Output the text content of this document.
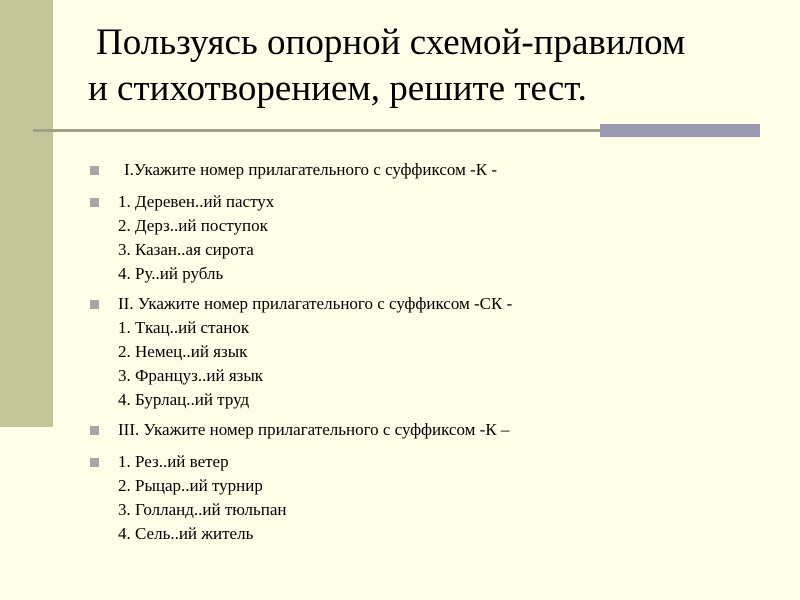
Пользуясь опорной схемой-правилом
и стихотворением, решите тест.
I.Укажите номер прилагательного с суффиксом -К -
1. Деревен..ий пастух
2. Дерз..ий поступок
3. Казан..ая сирота
4. Ру..ий рубль
II. Укажите номер прилагательного с суффиксом -СК -
1. Ткац..ий станок
2. Немец..ий язык
3. Француз..ий язык
4. Бурлац..ий труд
III. Укажите номер прилагательного с суффиксом -К –
1. Рез..ий ветер
2. Рыцар..ий турнир
3. Голланд..ий тюльпан
4. Сель..ий житель
